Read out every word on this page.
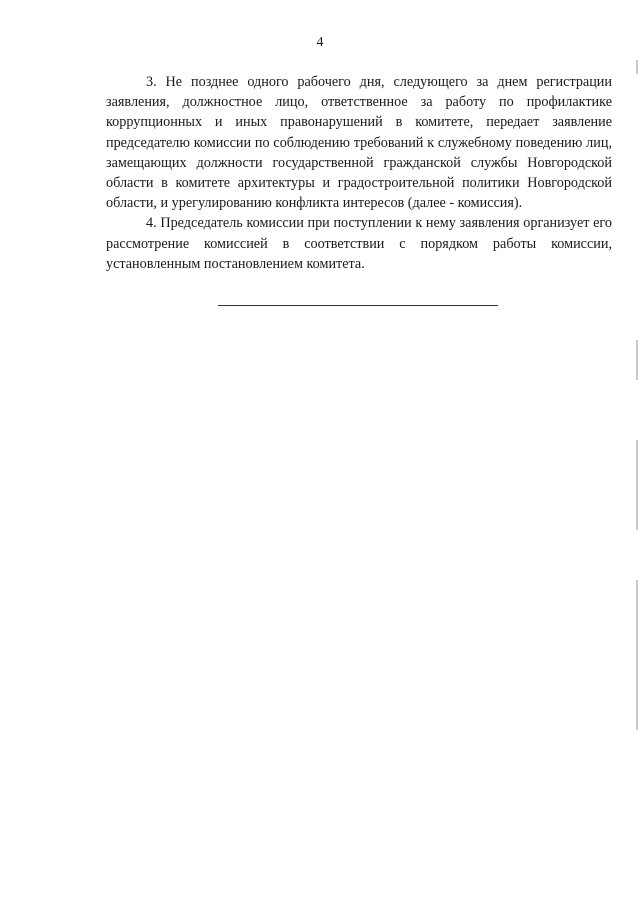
4

3. Не позднее одного рабочего дня, следующего за днем регистрации заявления, должностное лицо, ответственное за работу по профилактике коррупционных и иных правонарушений в комитете, передает заявление председателю комиссии по соблюдению требований к служебному поведению лиц, замещающих должности государственной гражданской службы Новгородской области в комитете архитектуры и градостроительной политики Новгородской области, и урегулированию конфликта интересов (далее - комиссия).

4. Председатель комиссии при поступлении к нему заявления организует его рассмотрение комиссией в соответствии с порядком работы комиссии, установленным постановлением комитета.
